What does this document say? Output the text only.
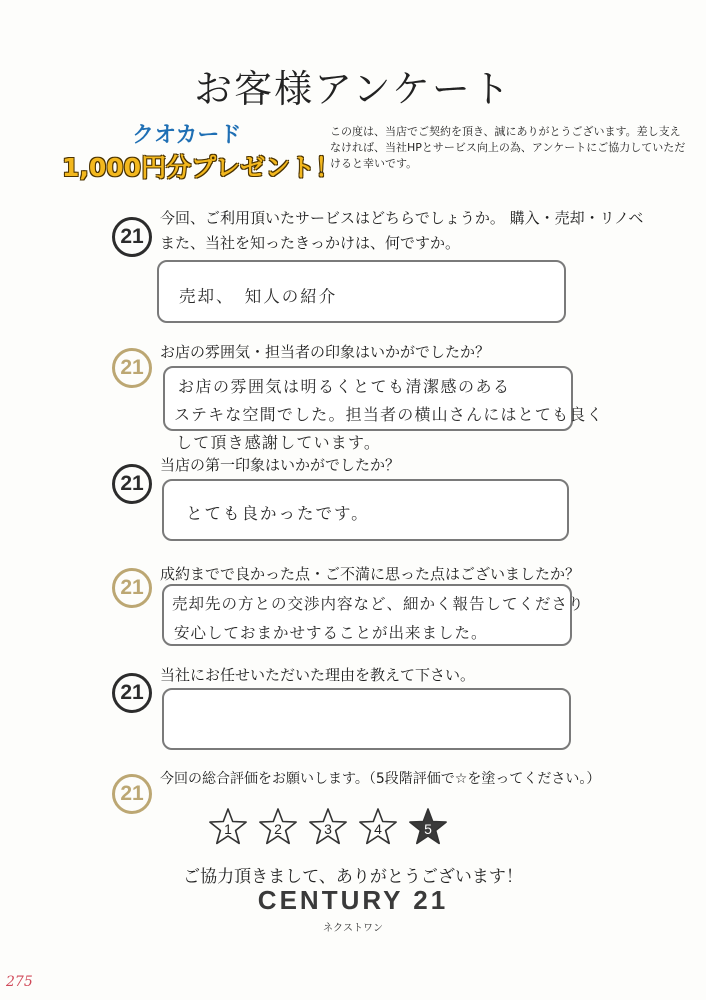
お客様アンケート
クオカード
1,000円分プレゼント！
この度は、当店でご契約を頂き、誠にありがとうございます。差し支えなければ、当社HPとサービス向上の為、アンケートにご協力していただけると幸いです。
21
今回、ご利用頂いたサービスはどちらでしょうか。 購入・売却・リノベ
また、当社を知ったきっかけは、何ですか。
売却、　知人の紹介
21
お店の雰囲気・担当者の印象はいかがでしたか？
お店の雰囲気は明るくとても清潔感のある
ステキな空間でした。担当者の横山さんにはとても良く
して頂き感謝しています。
21
当店の第一印象はいかがでしたか？
とても良かったです。
21
成約までで良かった点・ご不満に思った点はございましたか？
売却先の方との交渉内容など、細かく報告してくださり
安心しておまかせすることが出来ました。
21
当社にお任せいただいた理由を教えて下さい。
21
今回の総合評価をお願いします。（5段階評価で☆を塗ってください。）
1	2	3	4	5
ご協力頂きまして、ありがとうございます！
CENTURY 21
ネクストワン
275
